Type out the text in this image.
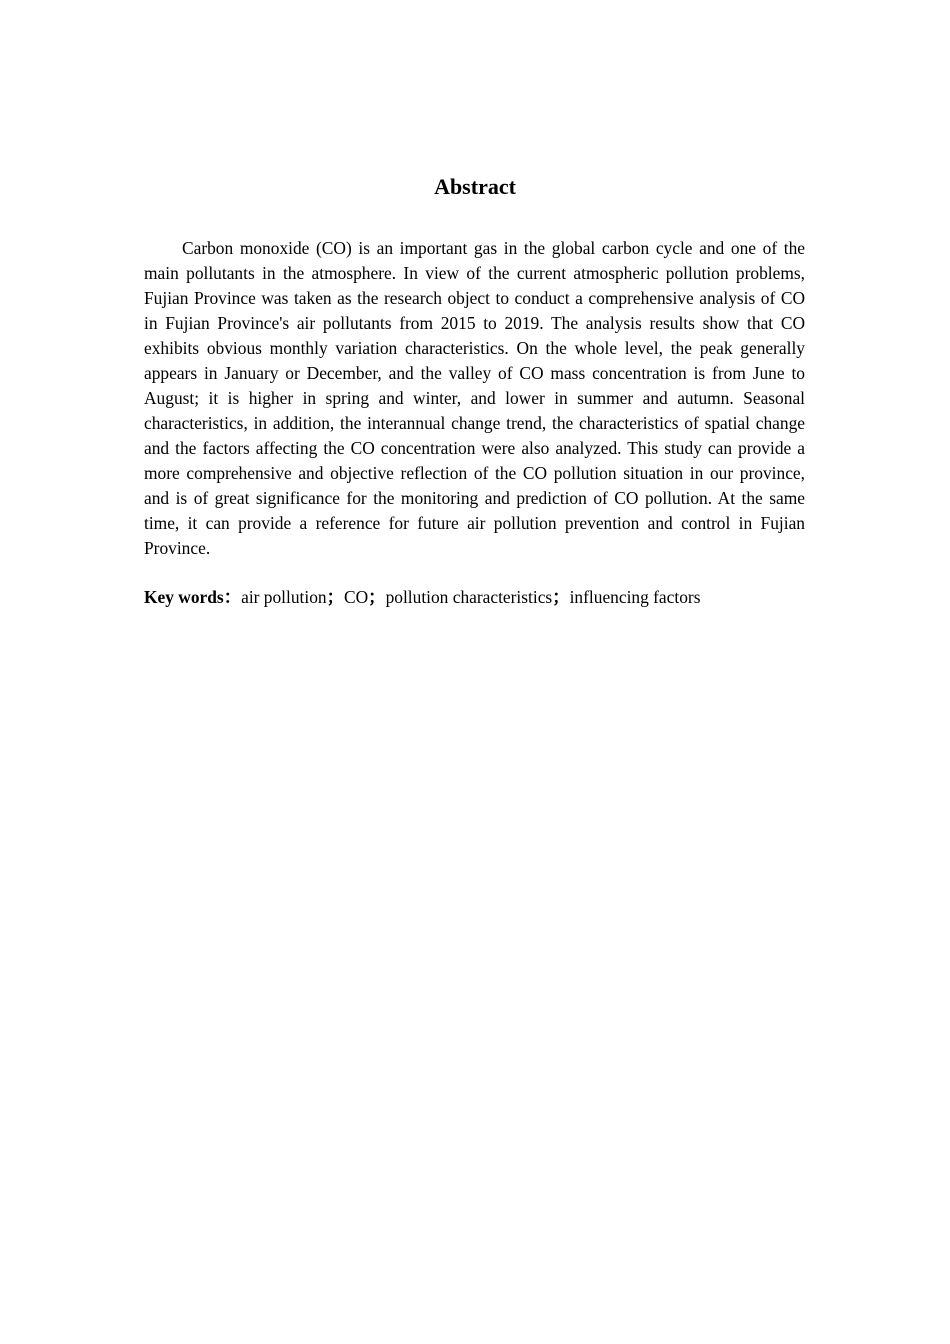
Abstract

Carbon monoxide (CO) is an important gas in the global carbon cycle and one of the main pollutants in the atmosphere. In view of the current atmospheric pollution problems, Fujian Province was taken as the research object to conduct a comprehensive analysis of CO in Fujian Province's air pollutants from 2015 to 2019. The analysis results show that CO exhibits obvious monthly variation characteristics. On the whole level, the peak generally appears in January or December, and the valley of CO mass concentration is from June to August; it is higher in spring and winter, and lower in summer and autumn. Seasonal characteristics, in addition, the interannual change trend, the characteristics of spatial change and the factors affecting the CO concentration were also analyzed. This study can provide a more comprehensive and objective reflection of the CO pollution situation in our province, and is of great significance for the monitoring and prediction of CO pollution. At the same time, it can provide a reference for future air pollution prevention and control in Fujian Province.

Key words：air pollution；CO；pollution characteristics；influencing factors
